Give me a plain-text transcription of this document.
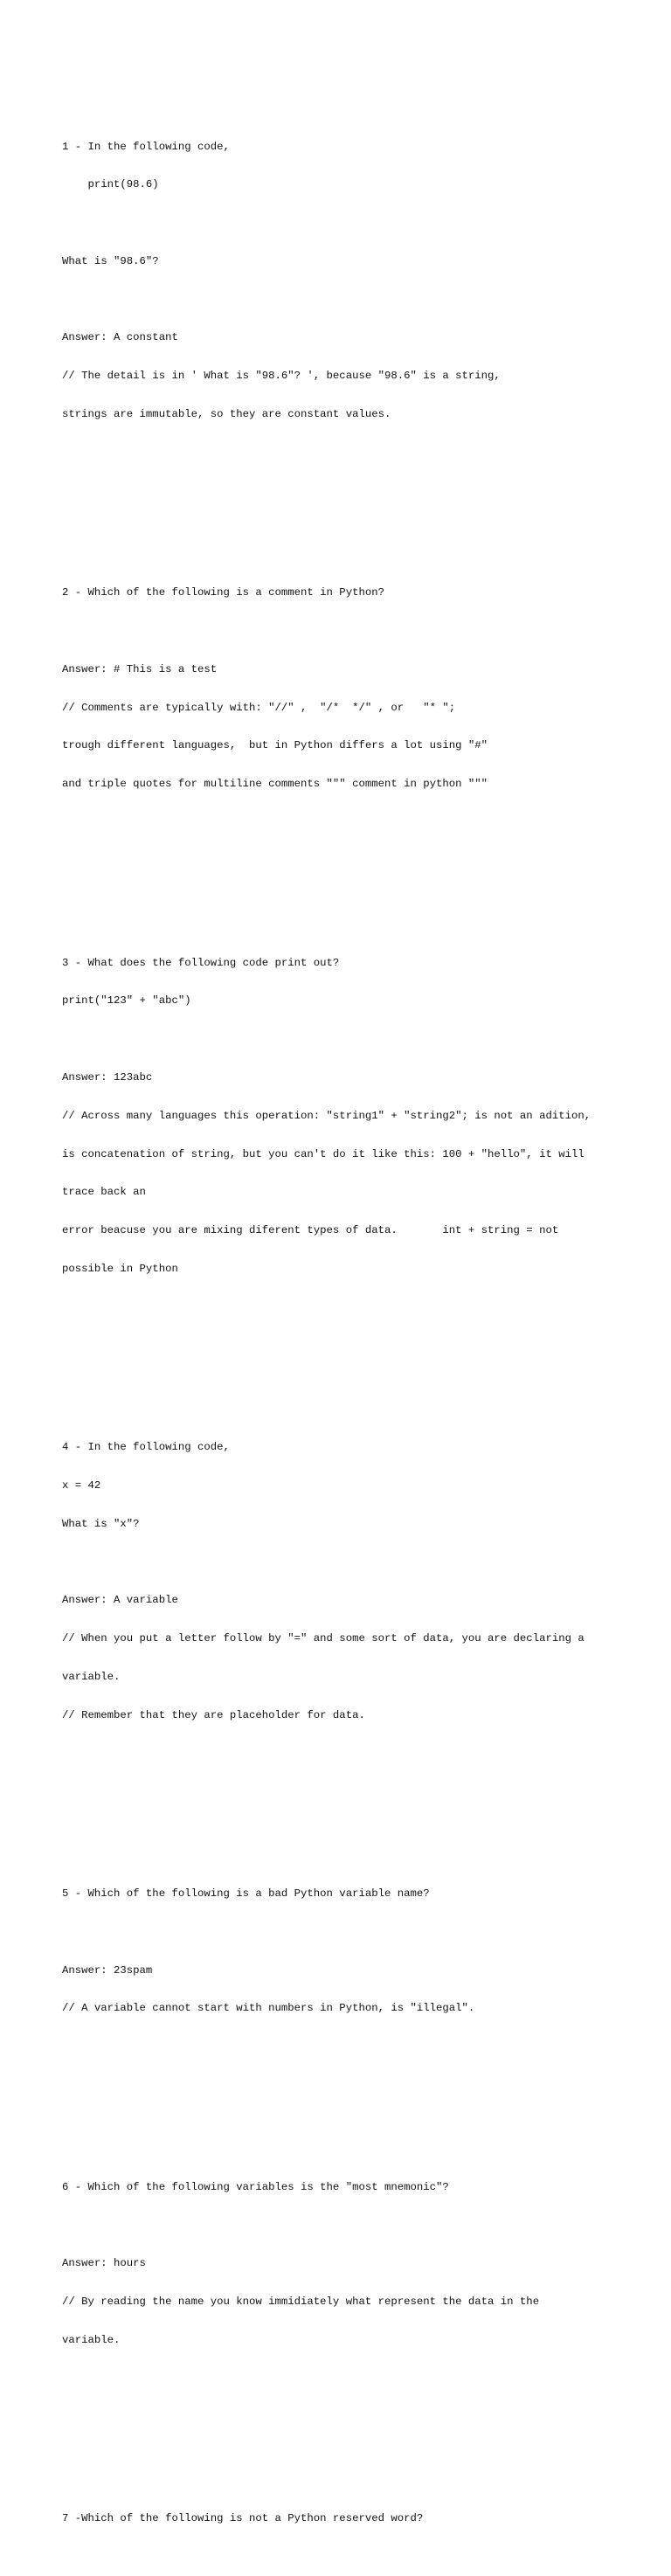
1 - In the following code,

print(98.6)

What is "98.6"?

Answer: A constant

// The detail is in ' What is "98.6"? ', because "98.6" is a string,

strings are immutable, so they are constant values.

2 - Which of the following is a comment in Python?

Answer: # This is a test

// Comments are typically with: "//" ,  "/*  */" , or   "* ";

trough different languages,  but in Python differs a lot using "#"

and triple quotes for multiline comments """ comment in python """

3 - What does the following code print out?

print("123" + "abc")

Answer: 123abc

// Across many languages this operation: "string1" + "string2"; is not an adition,

is concatenation of string, but you can't do it like this: 100 + "hello", it will

trace back an

error beacuse you are mixing diferent types of data.       int + string = not

possible in Python

4 - In the following code,

x = 42

What is "x"?

Answer: A variable

// When you put a letter follow by "=" and some sort of data, you are declaring a

variable.

// Remember that they are placeholder for data.

5 - Which of the following is a bad Python variable name?

Answer: 23spam

// A variable cannot start with numbers in Python, is "illegal".

6 - Which of the following variables is the "most mnemonic"?

Answer: hours

// By reading the name you know immidiately what represent the data in the

variable.

7 -Which of the following is not a Python reserved word?
